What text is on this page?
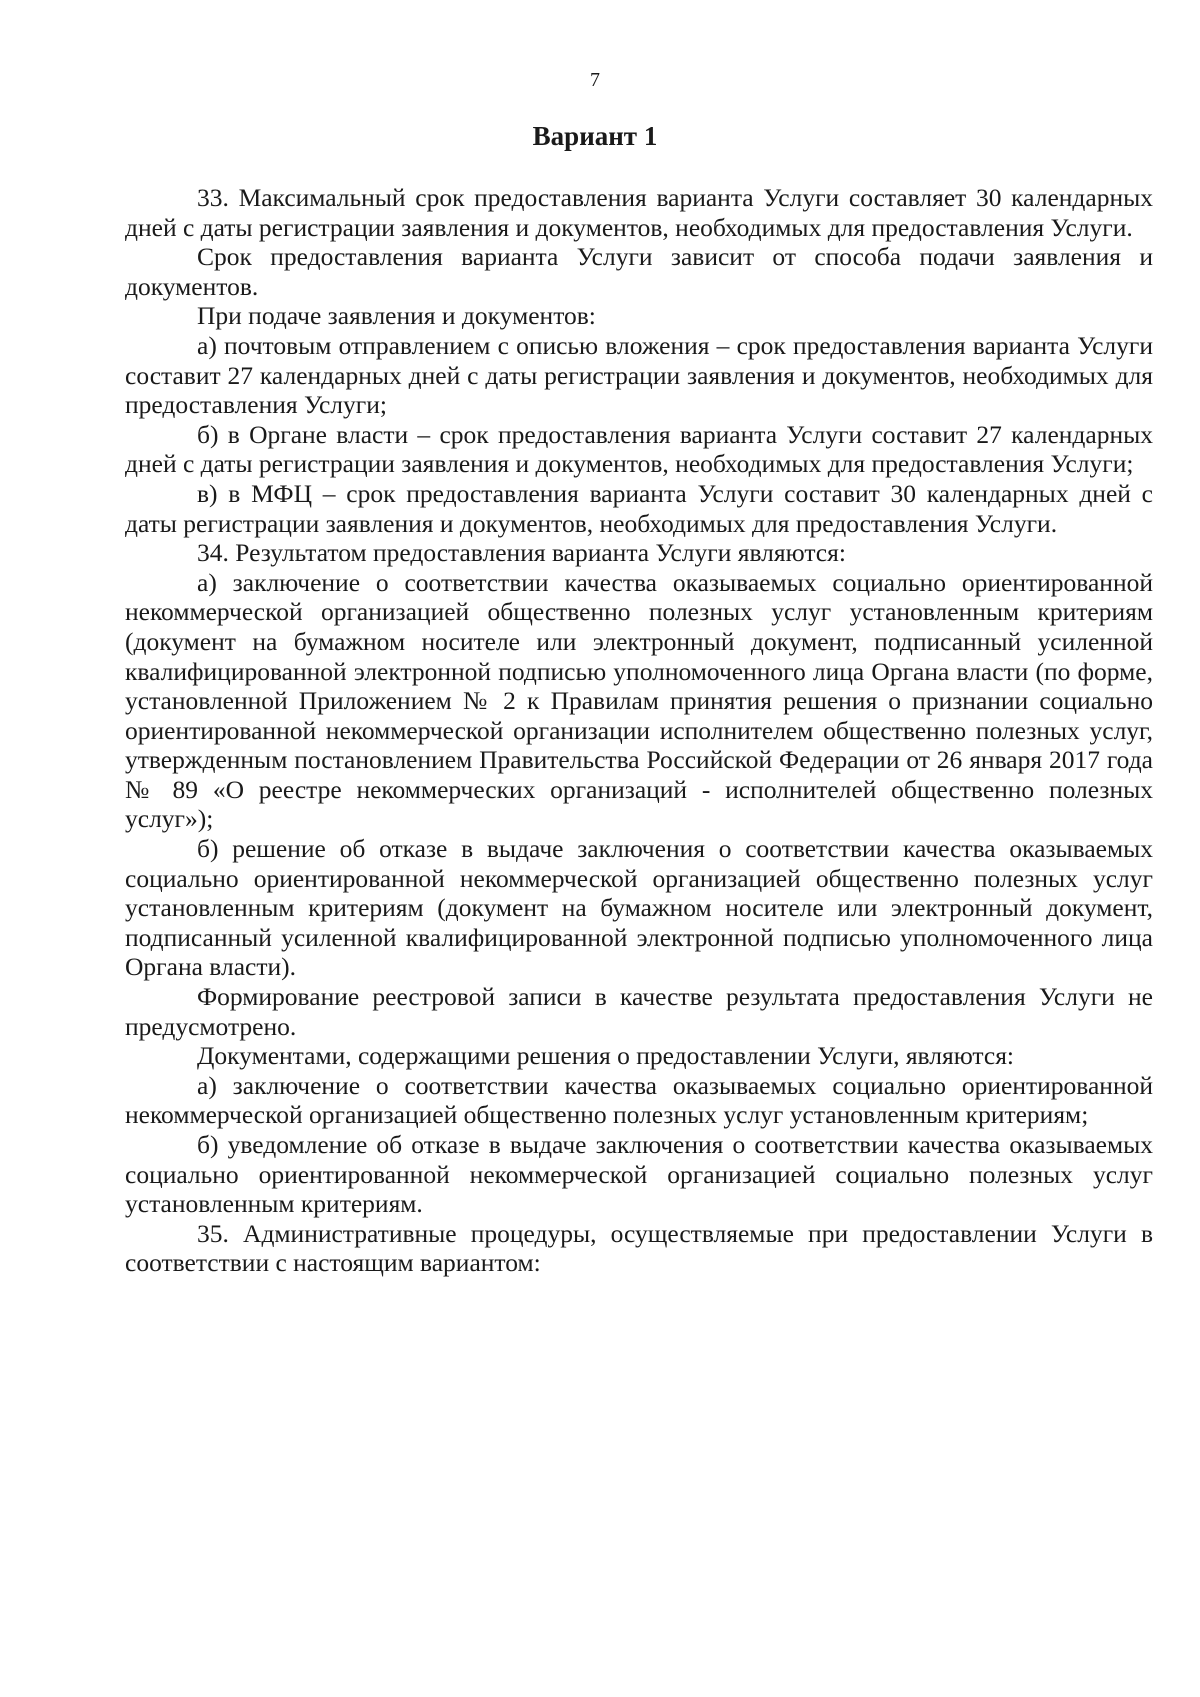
7
Вариант 1

33. Максимальный срок предоставления варианта Услуги составляет 30 календарных дней с даты регистрации заявления и документов, необходимых для предоставления Услуги.

Срок предоставления варианта Услуги зависит от способа подачи заявления и документов.

При подаче заявления и документов:

а) почтовым отправлением с описью вложения – срок предоставления варианта Услуги составит 27 календарных дней с даты регистрации заявления и документов, необходимых для предоставления Услуги;

б) в Органе власти – срок предоставления варианта Услуги составит 27 календарных дней с даты регистрации заявления и документов, необходимых для предоставления Услуги;

в) в МФЦ – срок предоставления варианта Услуги составит 30 календарных дней с даты регистрации заявления и документов, необходимых для предоставления Услуги.

34. Результатом предоставления варианта Услуги являются:

а) заключение о соответствии качества оказываемых социально ориентированной некоммерческой организацией общественно полезных услуг установленным критериям (документ на бумажном носителе или электронный документ, подписанный усиленной квалифицированной электронной подписью уполномоченного лица Органа власти (по форме, установленной Приложением № 2 к Правилам принятия решения о признании социально ориентированной некоммерческой организации исполнителем общественно полезных услуг, утвержденным постановлением Правительства Российской Федерации от 26 января 2017 года № 89 «О реестре некоммерческих организаций - исполнителей общественно полезных услуг»);

б) решение об отказе в выдаче заключения о соответствии качества оказываемых социально ориентированной некоммерческой организацией общественно полезных услуг установленным критериям (документ на бумажном носителе или электронный документ, подписанный усиленной квалифицированной электронной подписью уполномоченного лица Органа власти).

Формирование реестровой записи в качестве результата предоставления Услуги не предусмотрено.

Документами, содержащими решения о предоставлении Услуги, являются:

а) заключение о соответствии качества оказываемых социально ориентированной некоммерческой организацией общественно полезных услуг установленным критериям;

б) уведомление об отказе в выдаче заключения о соответствии качества оказываемых социально ориентированной некоммерческой организацией социально полезных услуг установленным критериям.

35. Административные процедуры, осуществляемые при предоставлении Услуги в соответствии с настоящим вариантом:
